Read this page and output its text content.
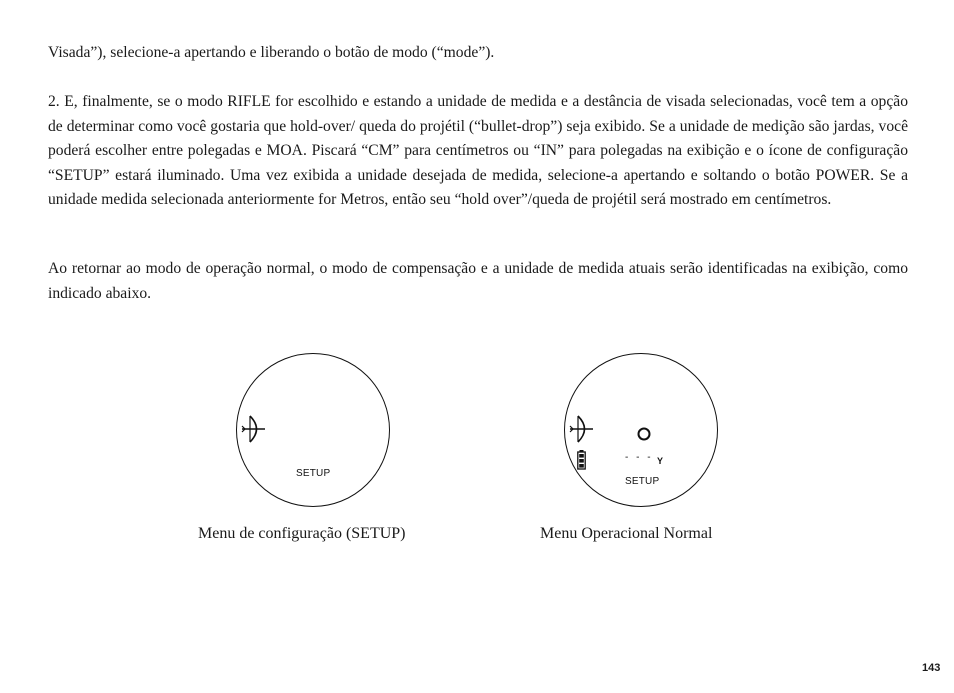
Visada”), selecione-a apertando e liberando o botão de modo (“mode”).

2. E, finalmente, se o modo RIFLE for escolhido e estando a unidade de medida e a destância de visada selecionadas, você tem a opção de determinar como você gostaria que hold-over/ queda do projétil (“bullet-drop”) seja exibido. Se a unidade de medição são jardas, você poderá escolher entre polegadas e MOA. Piscará “CM” para centímetros ou “IN” para polegadas na exibição e o ícone de configuração “SETUP” estará iluminado. Uma vez exibida a unidade desejada de medida, selecione-a apertando e soltando o botão POWER. Se a unidade medida selecionada anteriormente for Metros, então seu “hold over”/queda de projétil será mostrado em centímetros.

Ao retornar ao modo de operação normal, o modo de compensação e a unidade de medida atuais serão identificadas na exibição, como indicado abaixo.

SETUP
- - - Y
SETUP
Menu de configuração (SETUP)	Menu Operacional Normal
143
